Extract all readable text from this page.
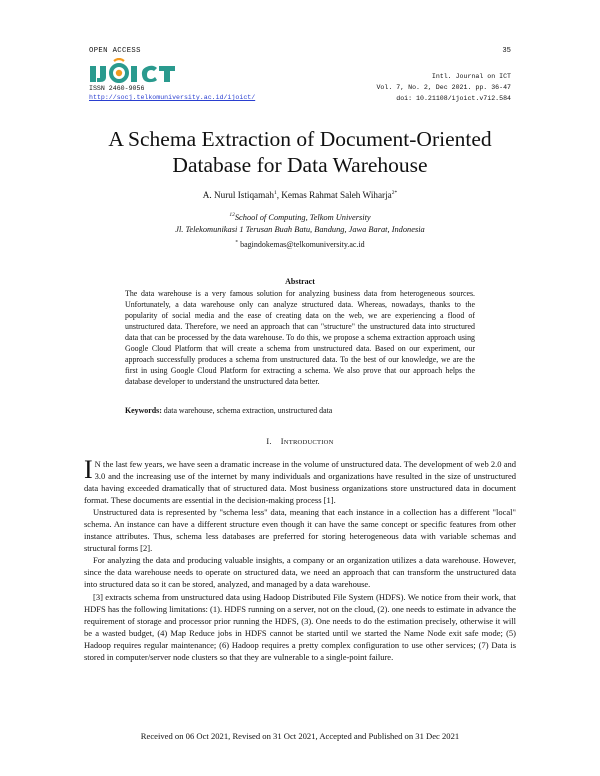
OPEN ACCESS	35
ISSN 2460-9056
http://socj.telkomuniversity.ac.id/ijoict/
Intl. Journal on ICT
Vol. 7, No. 2, Dec 2021. pp. 36-47
doi: 10.21108/ijoict.v7i2.584
A Schema Extraction of Document-Oriented
Database for Data Warehouse
A. Nurul Istiqamah$^1$, Kemas Rahmat Saleh Wiharja$^{2*}$
$^{12}$School of Computing, Telkom University
Jl. Telekomunikasi 1 Terusan Buah Batu, Bandung, Jawa Barat, Indonesia
* bagindokemas@telkomuniversity.ac.id
Abstract
The data warehouse is a very famous solution for analyzing business data from heterogeneous sources. Unfortunately, a data warehouse only can analyze structured data. Whereas, nowadays, thanks to the popularity of social media and the ease of creating data on the web, we are experiencing a flood of unstructured data. Therefore, we need an approach that can "structure" the unstructured data into structured data that can be processed by the data warehouse. To do this, we propose a schema extraction approach using Google Cloud Platform that will create a schema from unstructured data. Based on our experiment, our approach successfully produces a schema from unstructured data. To the best of our knowledge, we are the first in using Google Cloud Platform for extracting a schema. We also prove that our approach helps the database developer to understand the unstructured data better.
Keywords: data warehouse, schema extraction, unstructured data
I. INTRODUCTION

I N the last few years, we have seen a dramatic increase in the volume of unstructured data. The development of web 2.0 and 3.0 and the increasing use of the internet by many individuals and organizations have resulted in the size of unstructured data having exceeded dramatically that of structured data. Most business organizations store unstructured data in document format. These documents are essential in the decision-making process [1].

Unstructured data is represented by "schema less" data, meaning that each instance in a collection has a different "local" schema. An instance can have a different structure even though it can have the same concept or specific features from other instance attributes. Thus, schema less databases are preferred for storing heterogeneous data with variable schemas and structural forms [2].

For analyzing the data and producing valuable insights, a company or an organization utilizes a data warehouse. However, since the data warehouse needs to operate on structured data, we need an approach that can transform the unstructured data into structured data so it can be stored, analyzed, and managed by a data warehouse.

[3] extracts schema from unstructured data using Hadoop Distributed File System (HDFS). We notice from their work, that HDFS has the following limitations: (1). HDFS running on a server, not on the cloud, (2). one needs to estimate in advance the requirement of storage and processor prior running the HDFS, (3). One needs to do the estimation precisely, otherwise it will be a wasted budget, (4) Map Reduce jobs in HDFS cannot be started until we started the Name Node exit safe mode; (5) Hadoop requires regular maintenance; (6) Hadoop requires a pretty complex configuration to use other services; (7) Data is stored in computer/server node clusters so that they are vulnerable to a single-point failure.

Received on 06 Oct 2021, Revised on 31 Oct 2021, Accepted and Published on 31 Dec 2021
